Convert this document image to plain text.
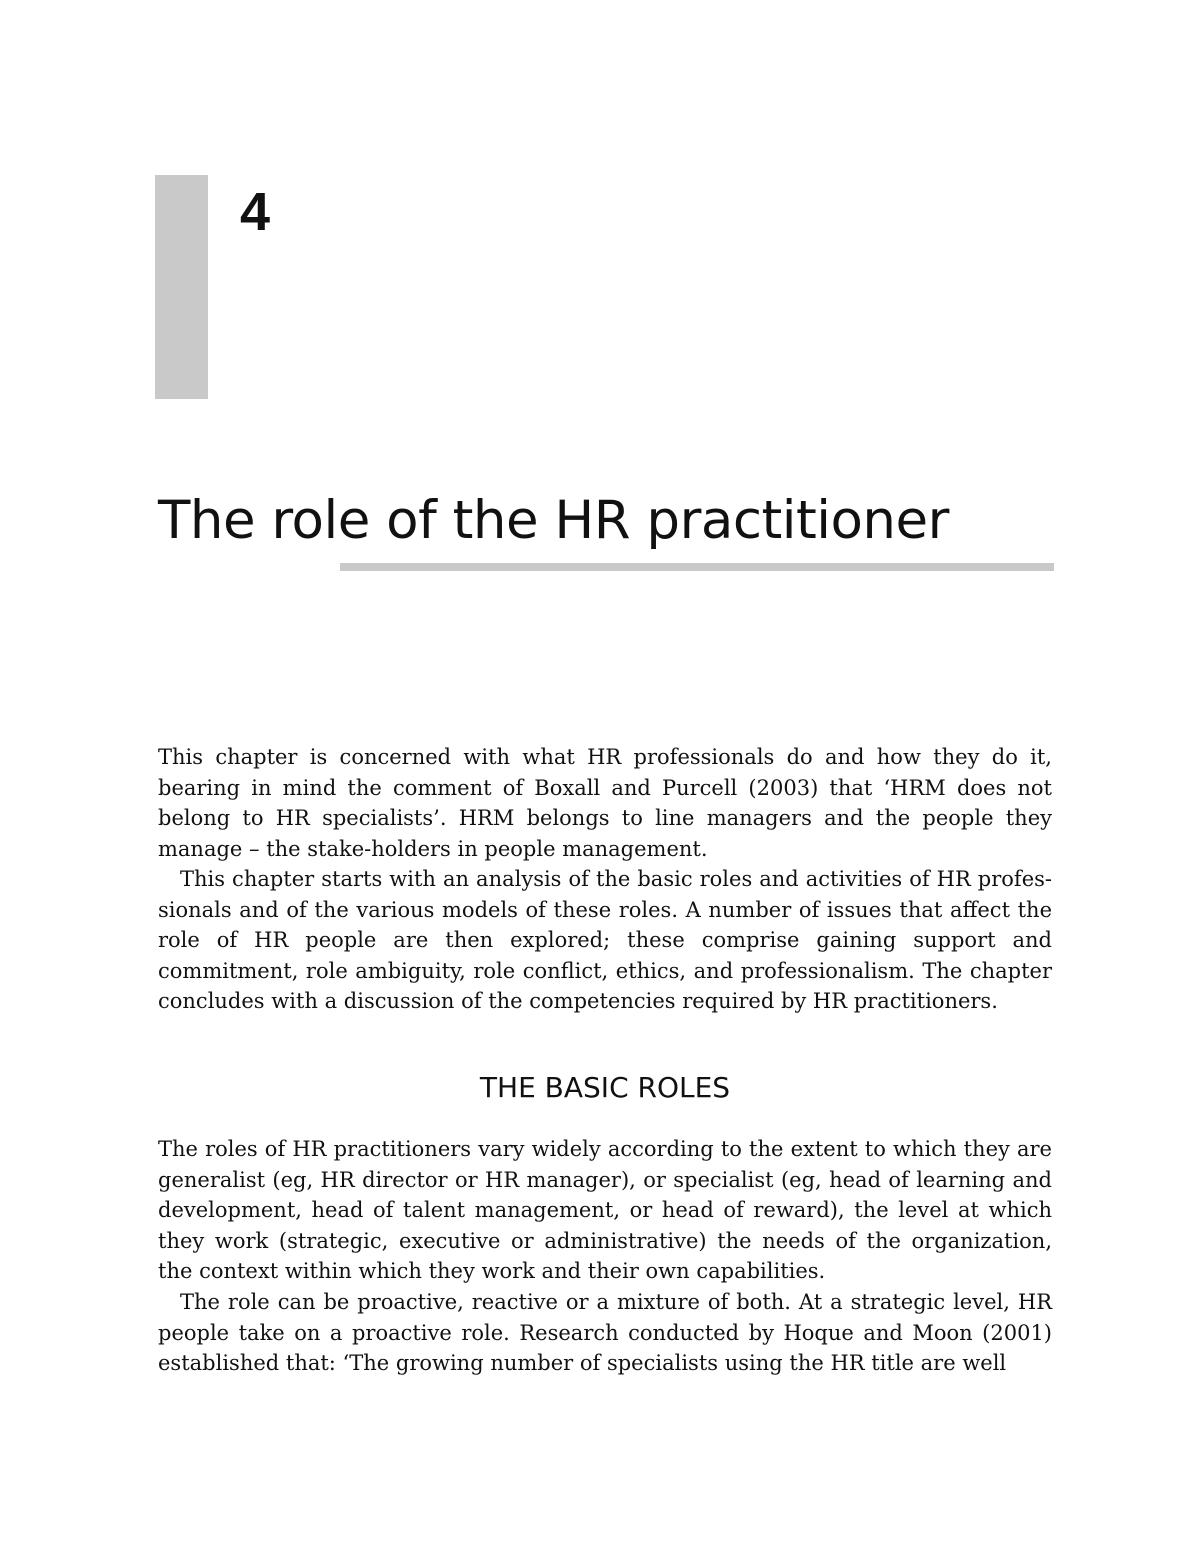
4
The role of the HR practitioner

This chapter is concerned with what HR professionals do and how they do it, bearing in mind the comment of Boxall and Purcell (2003) that ‘HRM does not belong to HR specialists’. HRM belongs to line managers and the people they manage – the stake-holders in people management.

This chapter starts with an analysis of the basic roles and activities of HR profes-sionals and of the various models of these roles. A number of issues that affect the role of HR people are then explored; these comprise gaining support and commitment, role ambiguity, role conflict, ethics, and professionalism. The chapter concludes with a discussion of the competencies required by HR practitioners.

THE BASIC ROLES

The roles of HR practitioners vary widely according to the extent to which they are generalist (eg, HR director or HR manager), or specialist (eg, head of learning and development, head of talent management, or head of reward), the level at which they work (strategic, executive or administrative) the needs of the organization, the context within which they work and their own capabilities.

The role can be proactive, reactive or a mixture of both. At a strategic level, HR people take on a proactive role. Research conducted by Hoque and Moon (2001) established that: ‘The growing number of specialists using the HR title are well
